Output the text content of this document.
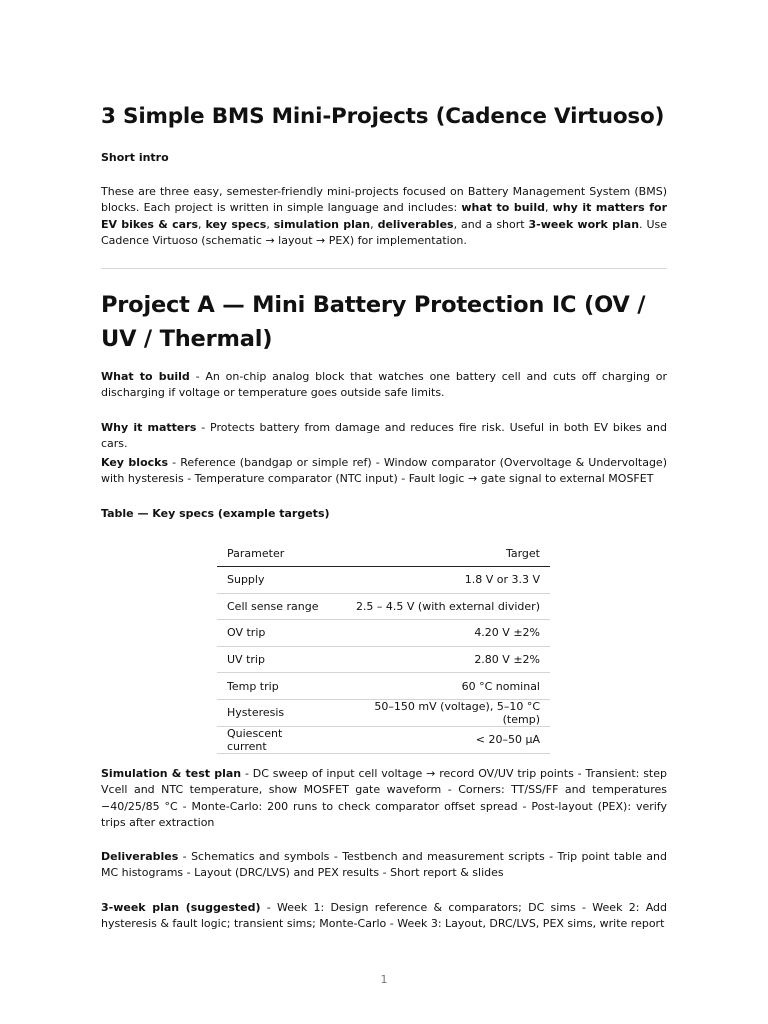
3 Simple BMS Mini-Projects (Cadence Virtuoso)
Short intro

These are three easy, semester-friendly mini-projects focused on Battery Management System (BMS) blocks. Each project is written in simple language and includes: what to build, why it matters for EV bikes & cars, key specs, simulation plan, deliverables, and a short 3-week work plan. Use Cadence Virtuoso (schematic → layout → PEX) for implementation.

Project A — Mini Battery Protection IC (OV / UV / Thermal)

What to build - An on-chip analog block that watches one battery cell and cuts off charging or discharging if voltage or temperature goes outside safe limits.

Why it matters - Protects battery from damage and reduces fire risk. Useful in both EV bikes and cars.

Key blocks - Reference (bandgap or simple ref) - Window comparator (Overvoltage & Undervoltage) with hysteresis - Temperature comparator (NTC input) - Fault logic → gate signal to external MOSFET

Table — Key specs (example targets)
Parameter	Target
Supply	1.8 V or 3.3 V
Cell sense range	2.5 – 4.5 V (with external divider)
OV trip	4.20 V ±2%
UV trip	2.80 V ±2%
Temp trip	60 °C nominal
Hysteresis	50–150 mV (voltage), 5–10 °C (temp)
Quiescent current	< 20–50 µA

Simulation & test plan - DC sweep of input cell voltage → record OV/UV trip points - Transient: step Vcell and NTC temperature, show MOSFET gate waveform - Corners: TT/SS/FF and temperatures −40/25/85 °C - Monte-Carlo: 200 runs to check comparator offset spread - Post-layout (PEX): verify trips after extraction

Deliverables - Schematics and symbols - Testbench and measurement scripts - Trip point table and MC histograms - Layout (DRC/LVS) and PEX results - Short report & slides

3-week plan (suggested) - Week 1: Design reference & comparators; DC sims - Week 2: Add hysteresis & fault logic; transient sims; Monte-Carlo - Week 3: Layout, DRC/LVS, PEX sims, write report

1
